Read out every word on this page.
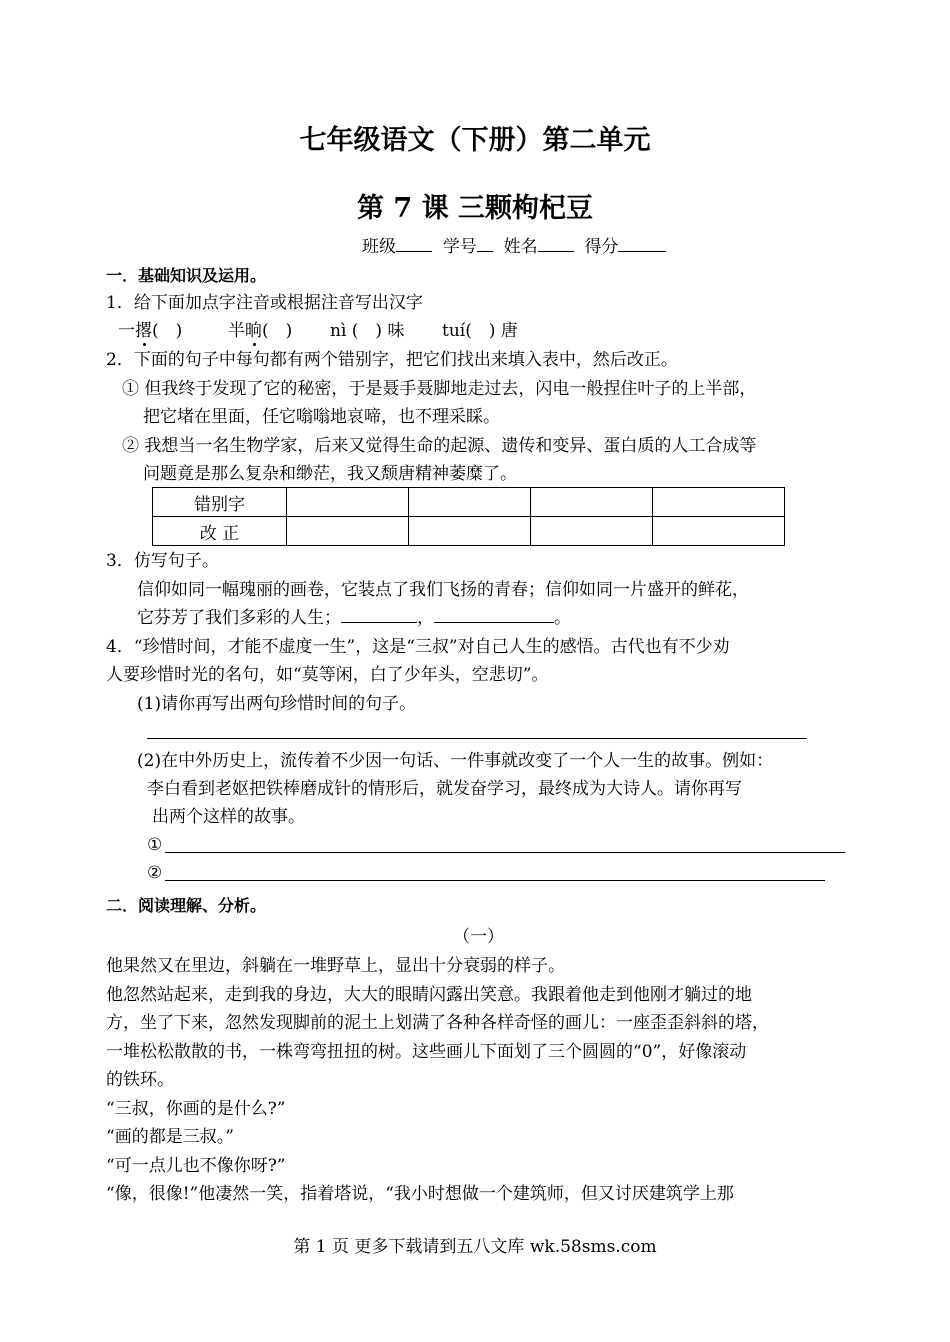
七年级语文（下册）第二单元
第 7 课 三颗枸杞豆
班级	学号 姓名	得分
一．基础知识及运用。
1．给下面加点字注音或根据注音写出汉字
一撂(　)	半晌(　) nì (　) 味 tuí(　) 唐
2．下面的句子中每句都有两个错别字，把它们找出来填入表中，然后改正。
① 但我终于发现了它的秘密，于是聂手聂脚地走过去，闪电一般捏住叶子的上半部，
把它堵在里面，任它嗡嗡地哀啼，也不理采睬。
② 我想当一名生物学家，后来又觉得生命的起源、遗传和变异、蛋白质的人工合成等
问题竟是那么复杂和缈茫，我又颓唐精神萎糜了。
错别字				
改 正				
3．仿写句子。
信仰如同一幅瑰丽的画卷，它装点了我们飞扬的青春；信仰如同一片盛开的鲜花，
它芬芳了我们多彩的人生；	，	。
4．“珍惜时间，才能不虚度一生”，这是“三叔”对自己人生的感悟。古代也有不少劝
人要珍惜时光的名句，如“莫等闲，白了少年头，空悲切”。
(1)请你再写出两句珍惜时间的句子。
(2)在中外历史上，流传着不少因一句话、一件事就改变了一个人一生的故事。例如：
李白看到老妪把铁棒磨成针的情形后，就发奋学习，最终成为大诗人。请你再写
出两个这样的故事。
①
②
二．阅读理解、分析。
（一）
他果然又在里边，斜躺在一堆野草上，显出十分衰弱的样子。
他忽然站起来，走到我的身边，大大的眼睛闪露出笑意。我跟着他走到他刚才躺过的地
方，坐了下来，忽然发现脚前的泥土上划满了各种各样奇怪的画儿：一座歪歪斜斜的塔，
一堆松松散散的书，一株弯弯扭扭的树。这些画儿下面划了三个圆圆的“0”，好像滚动
的铁环。
“三叔，你画的是什么?”
“画的都是三叔。”
“可一点儿也不像你呀?”
“像，很像!”他凄然一笑，指着塔说，“我小时想做一个建筑师，但又讨厌建筑学上那
第 1 页 更多下载请到五八文库 wk.58sms.com
